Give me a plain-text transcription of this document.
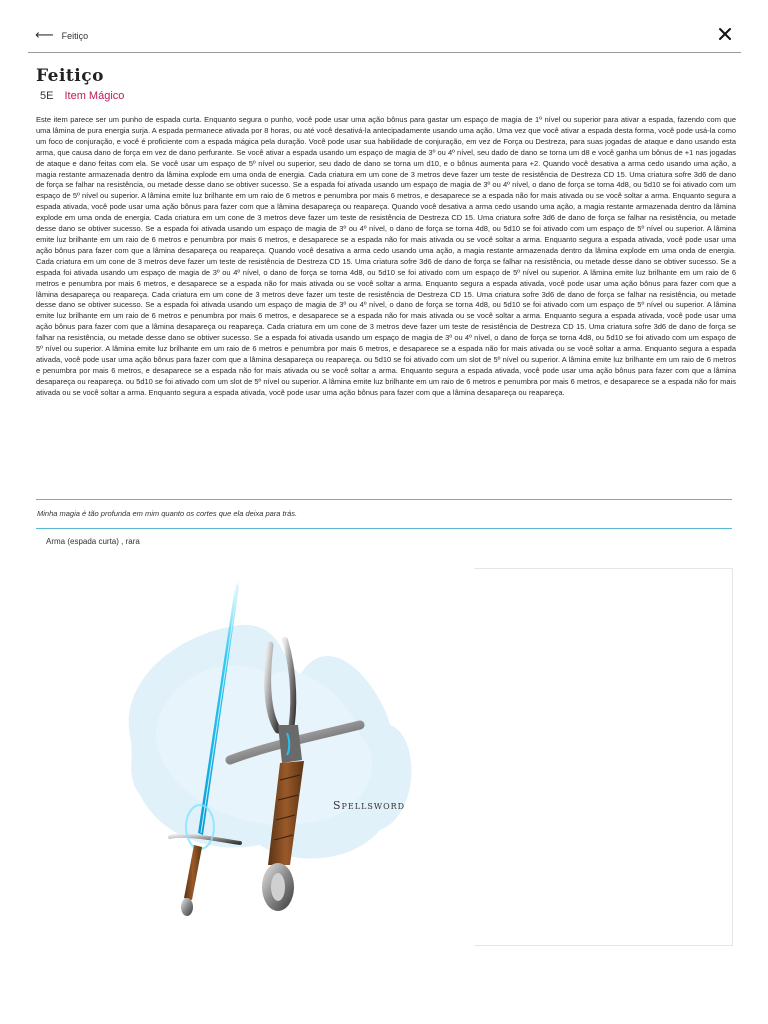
⟵ Feitiço
Feitiço
5E Item Mágico

Este item parece ser um punho de espada curta. Enquanto segura o punho, você pode usar uma ação bônus para gastar um espaço de magia de 1º nível ou superior para ativar a espada, fazendo com que uma lâmina de pura energia surja. A espada permanece ativada por 8 horas, ou até você desativá-la antecipadamente usando uma ação. Uma vez que você ativar a espada desta forma, você pode usá-la como um foco de conjuração, e você é proficiente com a espada mágica pela duração. Você pode usar sua habilidade de conjuração, em vez de Força ou Destreza, para suas jogadas de ataque e dano usando esta arma, que causa dano de força em vez de dano perfurante. Se você ativar a espada usando um espaço de magia de 3º ou 4º nível, seu dado de dano se torna um d8 e você ganha um bônus de +1 nas jogadas de ataque e dano feitas com ela. Se você usar um espaço de 5º nível ou superior, seu dado de dano se torna um d10, e o bônus aumenta para +2. Quando você desativa a arma cedo usando uma ação, a magia restante armazenada dentro da lâmina explode em uma onda de energia. Cada criatura em um cone de 3 metros deve fazer um teste de resistência de Destreza CD 15. Uma criatura sofre 3d6 de dano de força se falhar na resistência, ou metade desse dano se obtiver sucesso. Se a espada foi ativada usando um espaço de magia de 3º ou 4º nível, o dano de força se torna 4d8, ou 5d10 se foi ativado com um espaço de 5º nível ou superior. A lâmina emite luz brilhante em um raio de 6 metros e penumbra por mais 6 metros, e desaparece se a espada não for mais ativada ou se você soltar a arma. Enquanto segura a espada ativada, você pode usar uma ação bônus para fazer com que a lâmina desapareça ou reapareça. Quando você desativa a arma cedo usando uma ação, a magia restante armazenada dentro da lâmina explode em uma onda de energia. Cada criatura em um cone de 3 metros deve fazer um teste de resistência de Destreza CD 15. Uma criatura sofre 3d6 de dano de força se falhar na resistência, ou metade desse dano se obtiver sucesso. Se a espada foi ativada usando um espaço de magia de 3º ou 4º nível, o dano de força se torna 4d8, ou 5d10 se foi ativado com um espaço de 5º nível ou superior. A lâmina emite luz brilhante em um raio de 6 metros e penumbra por mais 6 metros, e desaparece se a espada não for mais ativada ou se você soltar a arma. Enquanto segura a espada ativada, você pode usar uma ação bônus para fazer com que a lâmina desapareça ou reapareça. Quando você desativa a arma cedo usando uma ação, a magia restante armazenada dentro da lâmina explode em uma onda de energia. Cada criatura em um cone de 3 metros deve fazer um teste de resistência de Destreza CD 15. Uma criatura sofre 3d6 de dano de força se falhar na resistência, ou metade desse dano se obtiver sucesso. Se a espada foi ativada usando um espaço de magia de 3º ou 4º nível, o dano de força se torna 4d8, ou 5d10 se foi ativado com um espaço de 5º nível ou superior. A lâmina emite luz brilhante em um raio de 6 metros e penumbra por mais 6 metros, e desaparece se a espada não for mais ativada ou se você soltar a arma. Enquanto segura a espada ativada, você pode usar uma ação bônus para fazer com que a lâmina desapareça ou reapareça. Cada criatura em um cone de 3 metros deve fazer um teste de resistência de Destreza CD 15. Uma criatura sofre 3d6 de dano de força se falhar na resistência, ou metade desse dano se obtiver sucesso. Se a espada foi ativada usando um espaço de magia de 3º ou 4º nível, o dano de força se torna 4d8, ou 5d10 se foi ativado com um espaço de 5º nível ou superior. A lâmina emite luz brilhante em um raio de 6 metros e penumbra por mais 6 metros, e desaparece se a espada não for mais ativada ou se você soltar a arma. Enquanto segura a espada ativada, você pode usar uma ação bônus para fazer com que a lâmina desapareça ou reapareça. Cada criatura em um cone de 3 metros deve fazer um teste de resistência de Destreza CD 15. Uma criatura sofre 3d6 de dano de força se falhar na resistência, ou metade desse dano se obtiver sucesso. Se a espada foi ativada usando um espaço de magia de 3º ou 4º nível, o dano de força se torna 4d8, ou 5d10 se foi ativado com um espaço de 5º nível ou superior. A lâmina emite luz brilhante em um raio de 6 metros e penumbra por mais 6 metros, e desaparece se a espada não for mais ativada ou se você soltar a arma. Enquanto segura a espada ativada, você pode usar uma ação bônus para fazer com que a lâmina desapareça ou reapareça. ou 5d10 se foi ativado com um slot de 5º nível ou superior. A lâmina emite luz brilhante em um raio de 6 metros e penumbra por mais 6 metros, e desaparece se a espada não for mais ativada ou se você soltar a arma. Enquanto segura a espada ativada, você pode usar uma ação bônus para fazer com que a lâmina desapareça ou reapareça. ou 5d10 se foi ativado com um slot de 5º nível ou superior. A lâmina emite luz brilhante em um raio de 6 metros e penumbra por mais 6 metros, e desaparece se a espada não for mais ativada ou se você soltar a arma. Enquanto segura a espada ativada, você pode usar uma ação bônus para fazer com que a lâmina desapareça ou reapareça.

Minha magia é tão profunda em mim quanto os cortes que ela deixa para trás.

Arma (espada curta) , rara

Spellsword
